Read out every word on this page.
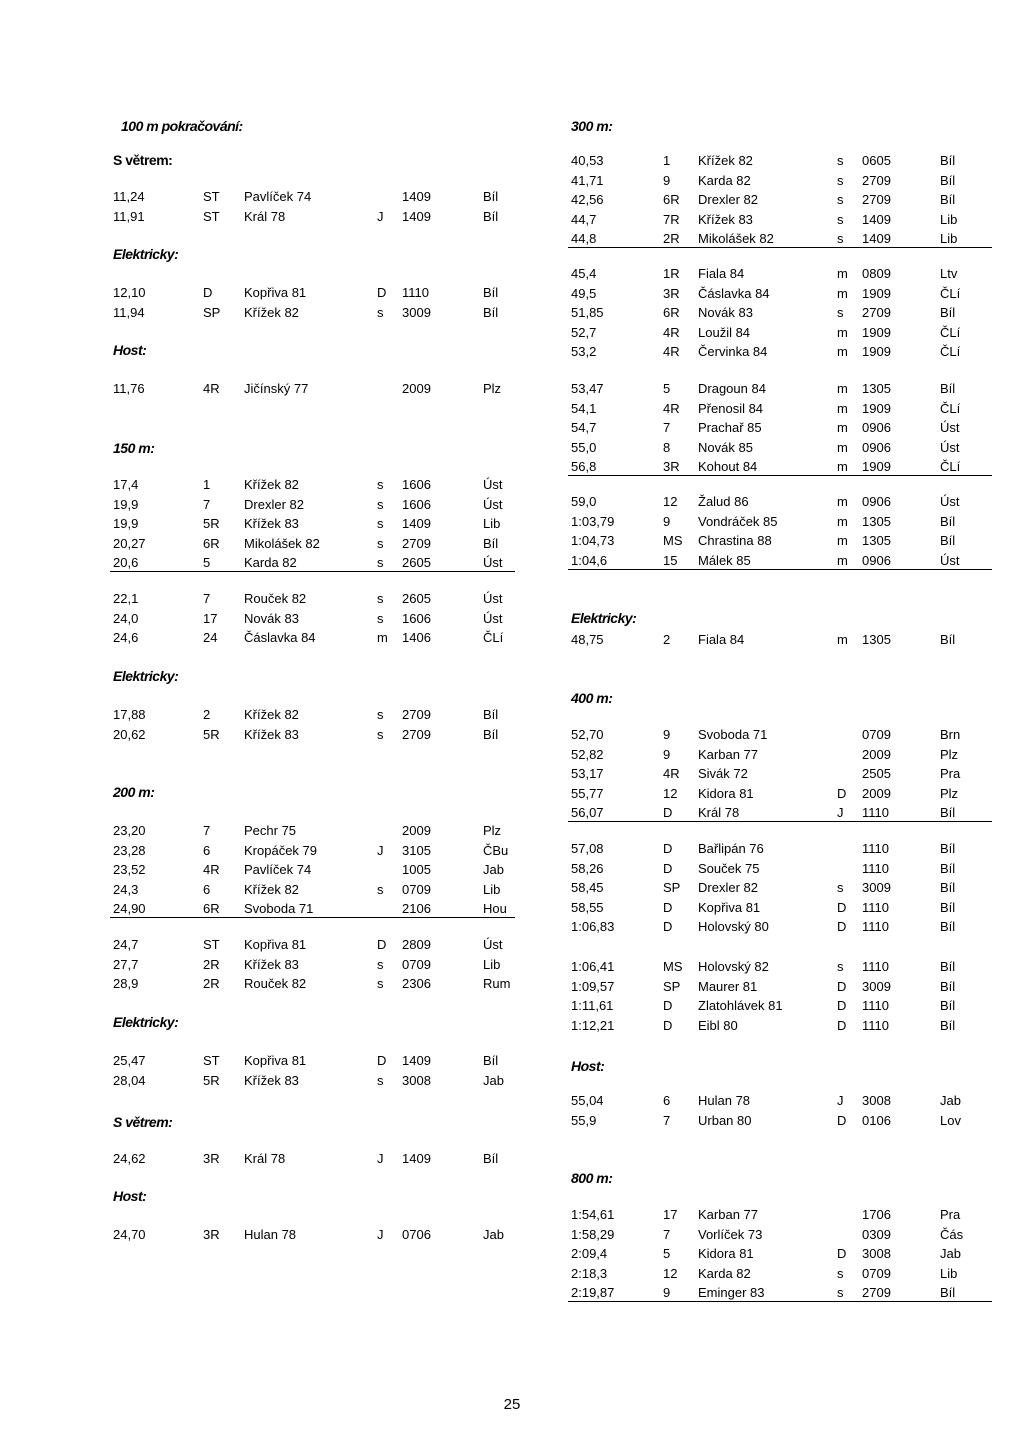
100 m pokračování:
S větrem:
11,24	ST Pavlíček 74	1409	Bíl
11,91	ST Král 78	J 1409	Bíl
Elektricky:
12,10	D Kopřiva 81	D 1110	Bíl
11,94	SP Křížek 82	s 3009	Bíl
Host:
11,76	4R Jičínský 77	2009	Plz
150 m:
17,4	1	Křížek 82	s 1606	Úst
19,9	7	Drexler 82	s 1606	Úst
19,9	5R Křížek 83	s 1409	Lib
20,27	6R Mikolášek 82	s 2709	Bíl
20,6	5	Karda 82	s 2605	Úst
22,1	7	Rouček 82	s 2605	Úst
24,0	17 Novák 83	s 1606	Úst
24,6	24 Čáslavka 84	m 1406	ČLí
Elektricky:
17,88	2	Křížek 82	s 2709	Bíl
20,62	5R Křížek 83	s 2709	Bíl
200 m:
23,20	7	Pechr 75	2009	Plz
23,28	6	Kropáček 79	J 3105	ČBu
23,52	4R Pavlíček 74	1005	Jab
24,3	6	Křížek 82	s 0709	Lib
24,90	6R Svoboda 71	2106	Hou
24,7	ST Kopřiva 81	D 2809	Úst
27,7	2R Křížek 83	s 0709	Lib
28,9	2R Rouček 82	s 2306	Rum
Elektricky:
25,47	ST Kopřiva 81	D 1409	Bíl
28,04	5R Křížek 83	s 3008	Jab
S větrem:
24,62	3R Král 78	J 1409	Bíl
Host:
24,70	3R Hulan 78	J 0706	Jab
300 m:
40,53	1 Křížek 82	s 0605	Bíl
41,71	9 Karda 82	s 2709	Bíl
42,56	6R Drexler 82	s 2709	Bíl
44,7	7R Křížek 83	s 1409	Lib
44,8	2R Mikolášek 82	s 1409	Lib
45,4	1R Fiala 84	m 0809	Ltv
49,5	3R Čáslavka 84	m 1909	ČLí
51,85	6R Novák 83	s 2709	Bíl
52,7	4R Loužil 84	m 1909	ČLí
53,2	4R Červinka 84	m 1909	ČLí
53,47	5 Dragoun 84	m 1305	Bíl
54,1	4R Přenosil 84	m 1909	ČLí
54,7	7 Prachař 85	m 0906	Úst
55,0	8 Novák 85	m 0906	Úst
56,8	3R Kohout 84	m 1909	ČLí
59,0	12 Žalud 86	m 0906	Úst
1:03,79	9 Vondráček 85	m 1305	Bíl
1:04,73	MS Chrastina 88	m 1305	Bíl
1:04,6	15 Málek 85	m 0906	Úst
Elektricky:
48,75	2 Fiala 84	m 1305	Bíl
400 m:
52,70	9 Svoboda 71	0709	Brn
52,82	9 Karban 77	2009	Plz
53,17	4R Sivák 72	2505	Pra
55,77	12 Kidora 81	D 2009	Plz
56,07	D Král 78	J 1110	Bíl
57,08	D Bařlipán 76	1110	Bíl
58,26	D Souček 75	1110	Bíl
58,45	SP Drexler 82	s 3009	Bíl
58,55	D Kopřiva 81	D 1110	Bíl
1:06,83	D Holovský 80	D 1110	Bíl
1:06,41	MS Holovský 82	s 1110	Bíl
1:09,57	SP Maurer 81	D 3009	Bíl
1:11,61	D Zlatohlávek 81	D 1110	Bíl
1:12,21	D Eibl 80	D 1110	Bíl
Host:
55,04	6 Hulan 78	J 3008	Jab
55,9	7 Urban 80	D 0106	Lov
800 m:
1:54,61	17 Karban 77	1706	Pra
1:58,29	7 Vorlíček 73	0309	Čás
2:09,4	5 Kidora 81	D 3008	Jab
2:18,3	12 Karda 82	s 0709	Lib
2:19,87	9 Eminger 83	s 2709	Bíl
25
